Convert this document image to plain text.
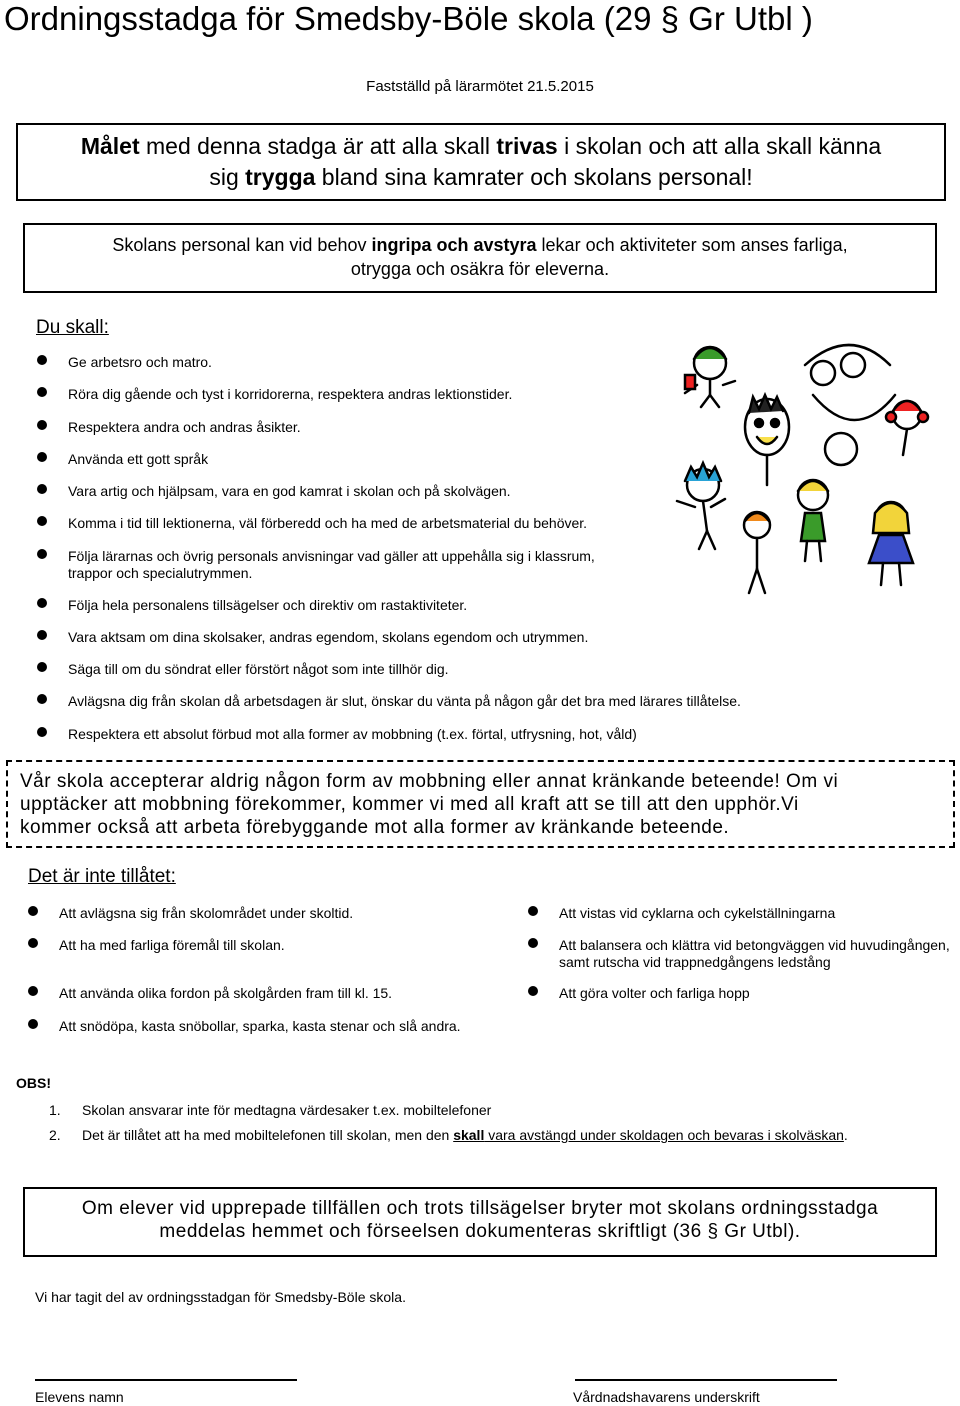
Ordningsstadga för Smedsby-Böle skola (29 § Gr Utbl )
Fastställd på lärarmötet 21.5.2015
Målet med denna stadga är att alla skall trivas i skolan och att alla skall känna
sig trygga bland sina kamrater och skolans personal!
Skolans personal kan vid behov ingripa och avstyra lekar och aktiviteter som anses farliga,
otrygga och osäkra för eleverna.
Du skall:
Ge arbetsro och matro.
Röra dig gående och tyst i korridorerna, respektera andras lektionstider.
Respektera andra och andras åsikter.
Använda ett gott språk
Vara artig och hjälpsam, vara en god kamrat i skolan och på skolvägen.
Komma i tid till lektionerna, väl förberedd och ha med de arbetsmaterial du behöver.
Följa lärarnas och övrig personals anvisningar vad gäller att uppehålla sig i klassrum, trappor och specialutrymmen.
Följa hela personalens tillsägelser och direktiv om rastaktiviteter.
Vara aktsam om dina skolsaker, andras egendom, skolans egendom och utrymmen.
Säga till om du söndrat eller förstört något som inte tillhör dig.
Avlägsna dig från skolan då arbetsdagen är slut, önskar du vänta på någon går det bra med lärares tillåtelse.
Respektera ett absolut förbud mot alla former av mobbning (t.ex. förtal, utfrysning, hot, våld)
Vår skola accepterar aldrig någon form av mobbning eller annat kränkande beteende! Om vi
upptäcker att mobbning förekommer, kommer vi med all kraft att se till att den upphör.Vi
kommer också att arbeta förebyggande mot alla former av kränkande beteende.
Det är inte tillåtet:
Att avlägsna sig från skolområdet under skoltid.
Att ha med farliga föremål till skolan.
Att använda olika fordon på skolgården fram till kl. 15.
Att snödöpa, kasta snöbollar, sparka, kasta stenar och slå andra.
Att vistas vid cyklarna och cykelställningarna
Att balansera och klättra vid betongväggen vid huvudingången, samt rutscha vid trappnedgångens ledstång
Att göra volter och farliga hopp
OBS!
1. Skolan ansvarar inte för medtagna värdesaker t.ex. mobiltelefoner
2. Det är tillåtet att ha med mobiltelefonen till skolan, men den skall vara avstängd under skoldagen och bevaras i skolväskan.
Om elever vid upprepade tillfällen och trots tillsägelser bryter mot skolans ordningsstadga
meddelas hemmet och förseelsen dokumenteras skriftligt (36 § Gr Utbl).
Vi har tagit del av ordningsstadgan för Smedsby-Böle skola.
Elevens namn	Vårdnadshavarens underskrift
